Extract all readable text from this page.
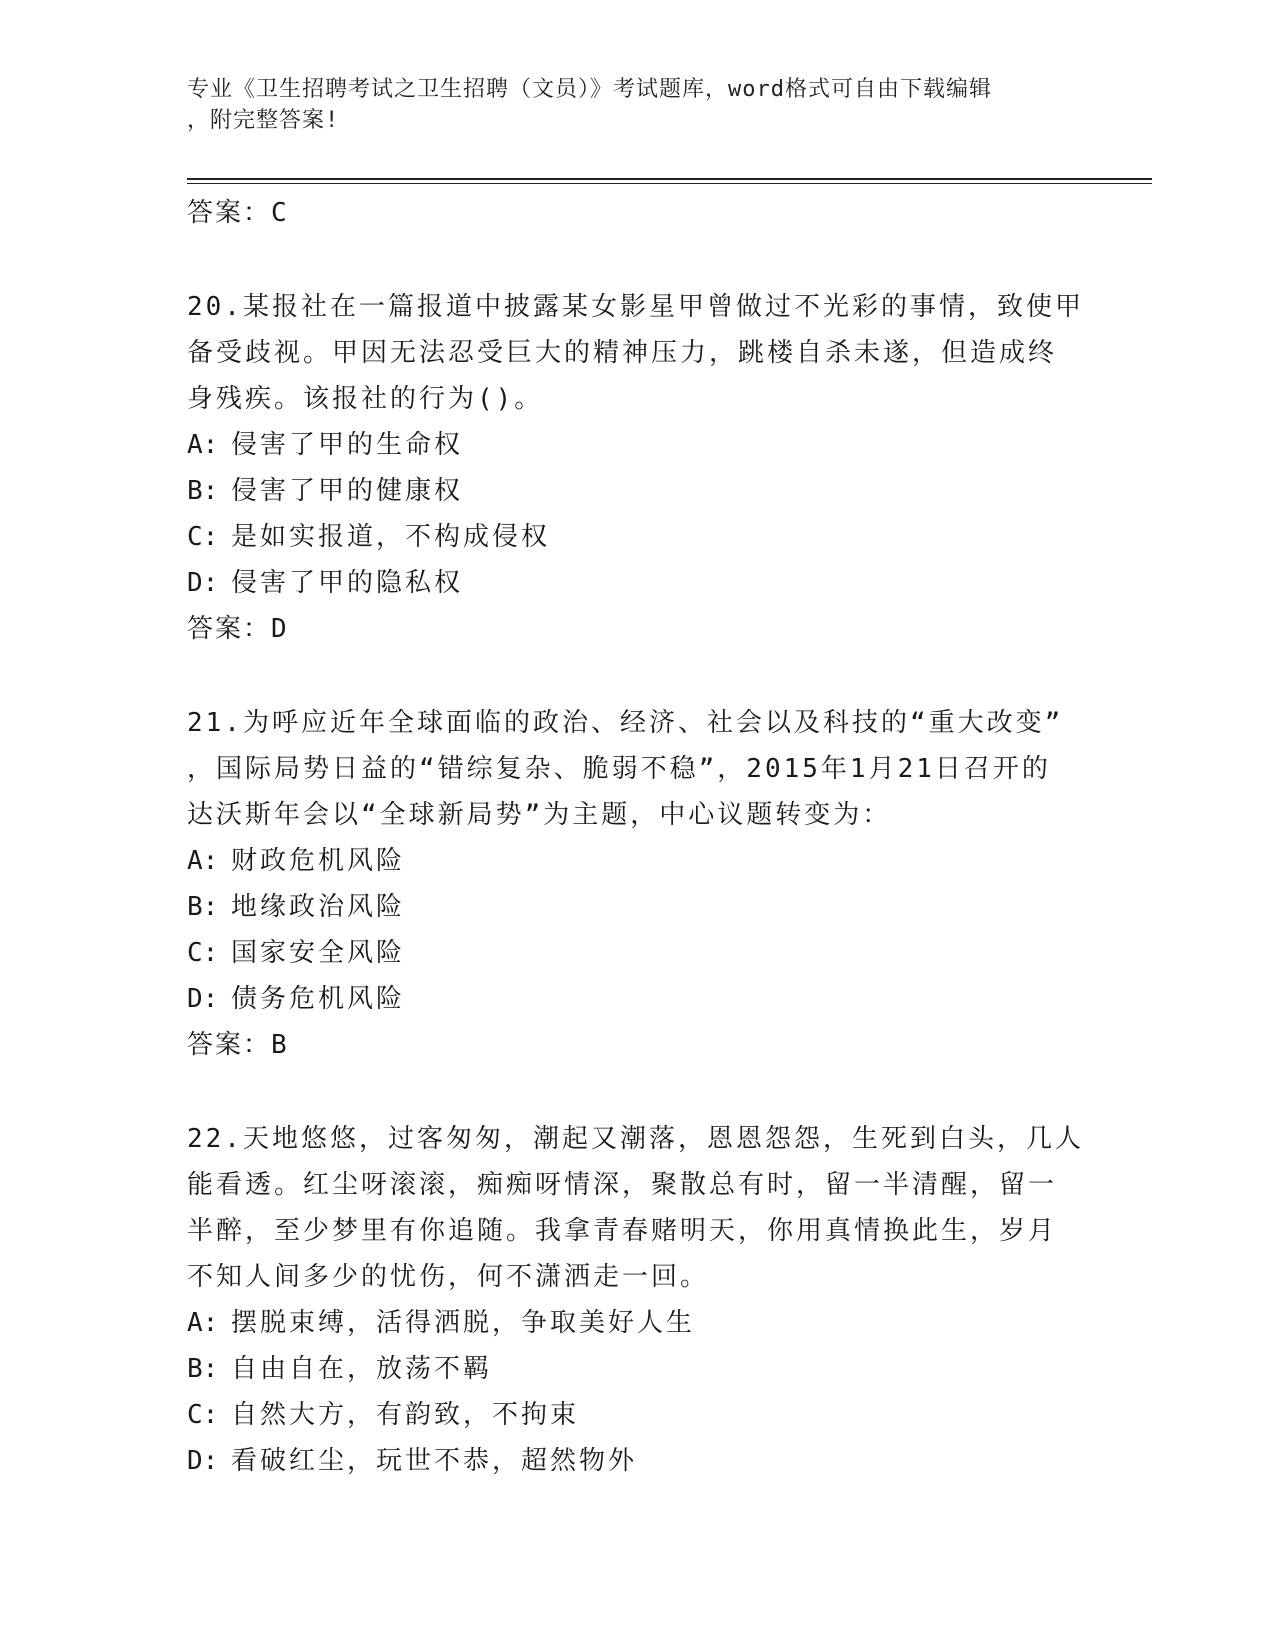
专业《卫生招聘考试之卫生招聘（文员）》考试题库，word格式可自由下载编辑
，附完整答案!

答案：C

20.某报社在一篇报道中披露某女影星甲曾做过不光彩的事情，致使甲

备受歧视。甲因无法忍受巨大的精神压力，跳楼自杀未遂，但造成终

身残疾。该报社的行为()。

A: 侵害了甲的生命权

B: 侵害了甲的健康权

C: 是如实报道，不构成侵权

D: 侵害了甲的隐私权

答案：D

21.为呼应近年全球面临的政治、经济、社会以及科技的“重大改变”

，国际局势日益的“错综复杂、脆弱不稳”，2015年1月21日召开的

达沃斯年会以“全球新局势”为主题，中心议题转变为：

A: 财政危机风险

B: 地缘政治风险

C: 国家安全风险

D: 债务危机风险

答案：B

22.天地悠悠，过客匆匆，潮起又潮落，恩恩怨怨，生死到白头，几人

能看透。红尘呀滚滚，痴痴呀情深，聚散总有时，留一半清醒，留一

半醉，至少梦里有你追随。我拿青春赌明天，你用真情换此生，岁月

不知人间多少的忧伤，何不潇洒走一回。

A: 摆脱束缚，活得洒脱，争取美好人生

B: 自由自在，放荡不羁

C: 自然大方，有韵致，不拘束

D: 看破红尘，玩世不恭，超然物外
